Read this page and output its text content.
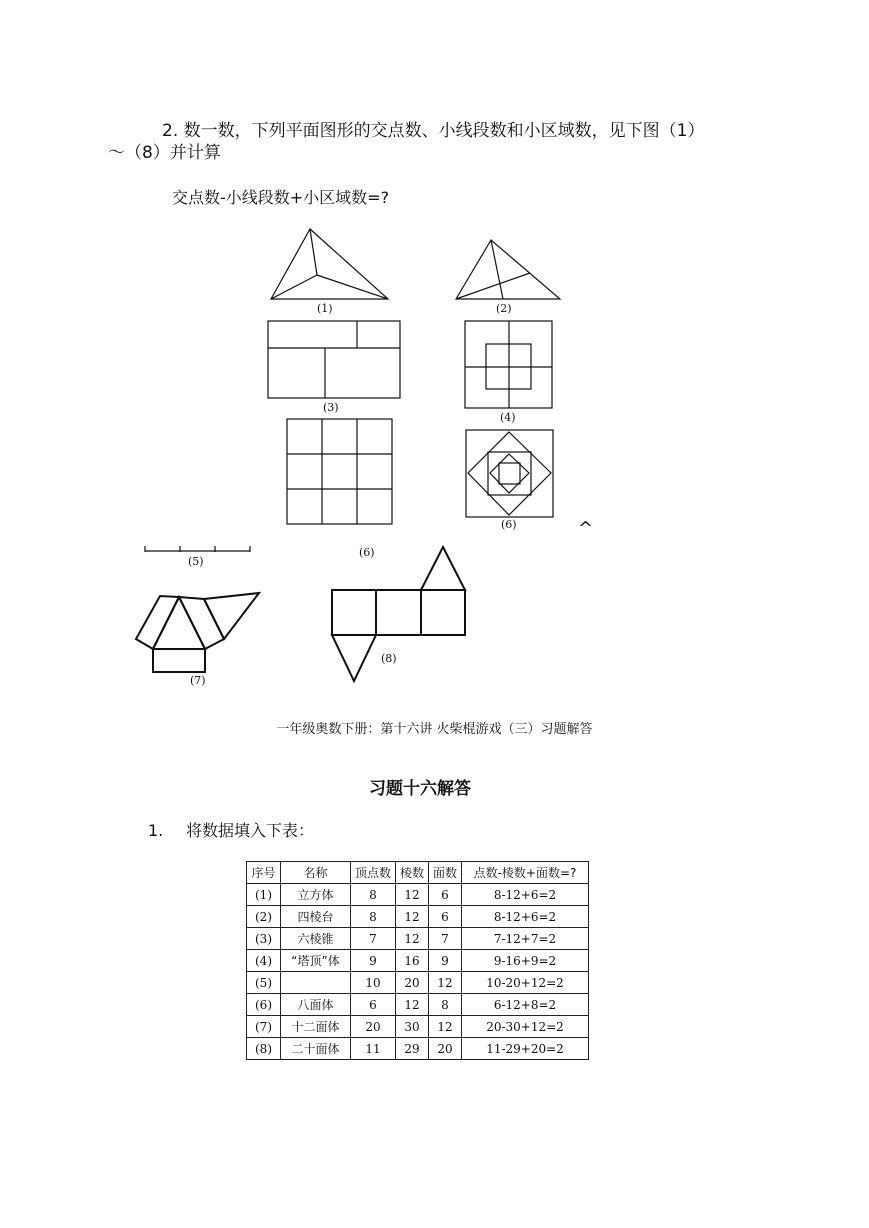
2. 数一数，下列平面图形的交点数、小线段数和小区域数，见下图（1）
～（8）并计算
交点数-小线段数+小区域数=?
(1)	(2)
(3)
(4)
(6)
(5)
(6)
(7)
(8)
^
一年级奥数下册：第十六讲 火柴棍游戏（三）习题解答
习题十六解答
1. 将数据填入下表：
序号	名称	顶点数	棱数	面数	点数-棱数+面数=?
(1)	立方体	8	12	6	8-12+6=2
(2)	四棱台	8	12	6	8-12+6=2
(3)	六棱锥	7	12	7	7-12+7=2
(4)	“塔顶”体	9	16	9	9-16+9=2
(5)		10	20	12	10-20+12=2
(6)	八面体	6	12	8	6-12+8=2
(7)	十二面体	20	30	12	20-30+12=2
(8)	二十面体	11	29	20	11-29+20=2
